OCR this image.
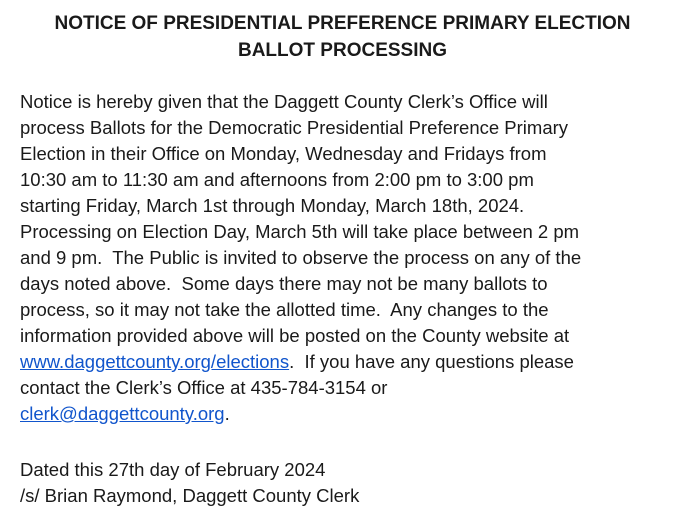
NOTICE OF PRESIDENTIAL PREFERENCE PRIMARY ELECTION
BALLOT PROCESSING
Notice is hereby given that the Daggett County Clerk’s Office will
process Ballots for the Democratic Presidential Preference Primary
Election in their Office on Monday, Wednesday and Fridays from
10:30 am to 11:30 am and afternoons from 2:00 pm to 3:00 pm
starting Friday, March 1st through Monday, March 18th, 2024.
Processing on Election Day, March 5th will take place between 2 pm
and 9 pm.  The Public is invited to observe the process on any of the
days noted above.  Some days there may not be many ballots to
process, so it may not take the allotted time.  Any changes to the
information provided above will be posted on the County website at
www.daggettcounty.org/elections.  If you have any questions please
contact the Clerk’s Office at 435-784-3154 or
clerk@daggettcounty.org.
Dated this 27th day of February 2024
/s/ Brian Raymond, Daggett County Clerk
